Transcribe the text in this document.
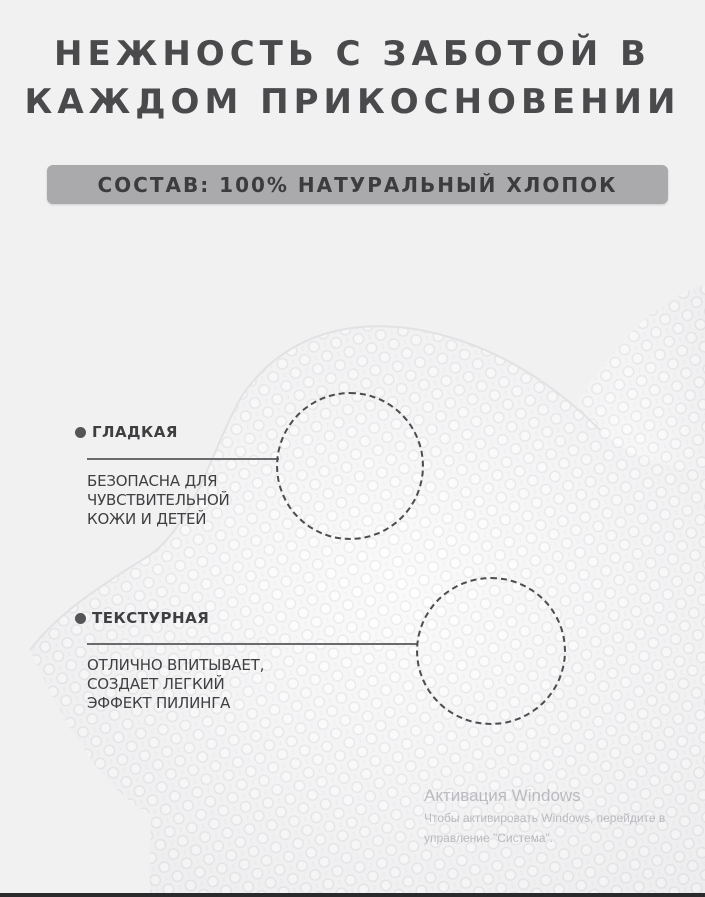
НЕЖНОСТЬ С ЗАБОТОЙ В
КАЖДОМ ПРИКОСНОВЕНИИ
СОСТАВ: 100% НАТУРАЛЬНЫЙ ХЛОПОК
ГЛАДКАЯ
БЕЗОПАСНА ДЛЯ
ЧУВСТВИТЕЛЬНОЙ
КОЖИ И ДЕТЕЙ
ТЕКСТУРНАЯ
ОТЛИЧНО ВПИТЫВАЕТ,
СОЗДАЕТ ЛЕГКИЙ
ЭФФЕКТ ПИЛИНГА
Активация Windows
Чтобы активировать Windows, перейдите в
управление "Система".
